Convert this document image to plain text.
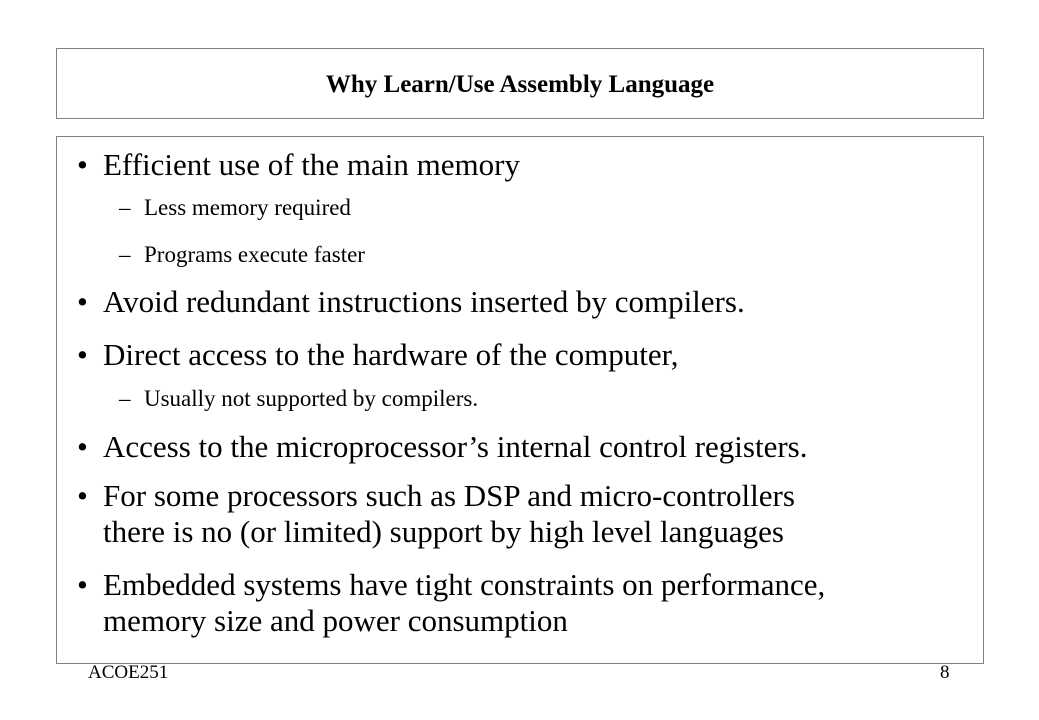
Why Learn/Use Assembly Language
• Efficient use of the main memory
– Less memory required
– Programs execute faster
• Avoid redundant instructions inserted by compilers.
• Direct access to the hardware of the computer,
– Usually not supported by compilers.
• Access to the microprocessor’s internal control registers.
• For some processors such as DSP and micro-controllers
there is no (or limited) support by high level languages
• Embedded systems have tight constraints on performance,
memory size and power consumption
ACOE251	8
